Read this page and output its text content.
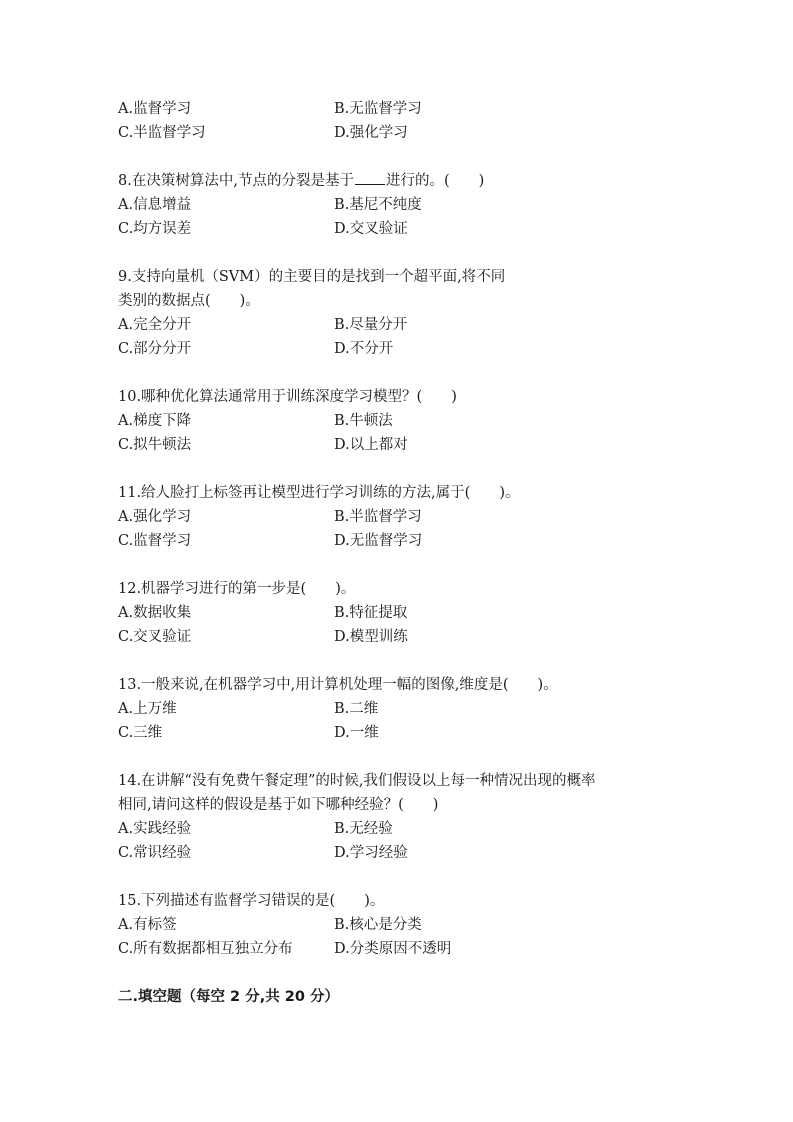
A.监督学习	B.无监督学习
C.半监督学习	D.强化学习
8.在决策树算法中,节点的分裂是基于 进行的。(　　)
A.信息增益	B.基尼不纯度
C.均方误差	D.交叉验证
9.支持向量机（SVM）的主要目的是找到一个超平面,将不同
类别的数据点(　　)。
A.完全分开	B.尽量分开
C.部分分开	D.不分开
10.哪种优化算法通常用于训练深度学习模型？(　　)
A.梯度下降	B.牛顿法
C.拟牛顿法	D.以上都对
11.给人脸打上标签再让模型进行学习训练的方法,属于(　　)。
A.强化学习	B.半监督学习
C.监督学习	D.无监督学习
12.机器学习进行的第一步是(　　)。
A.数据收集	B.特征提取
C.交叉验证	D.模型训练
13.一般来说,在机器学习中,用计算机处理一幅的图像,维度是(　　)。
A.上万维	B.二维
C.三维	D.一维
14.在讲解“没有免费午餐定理”的时候,我们假设以上每一种情况出现的概率
相同,请问这样的假设是基于如下哪种经验？(　　)
A.实践经验	B.无经验
C.常识经验	D.学习经验
15.下列描述有监督学习错误的是(　　)。
A.有标签	B.核心是分类
C.所有数据都相互独立分布	D.分类原因不透明
二.填空题（每空 2 分,共 20 分）
